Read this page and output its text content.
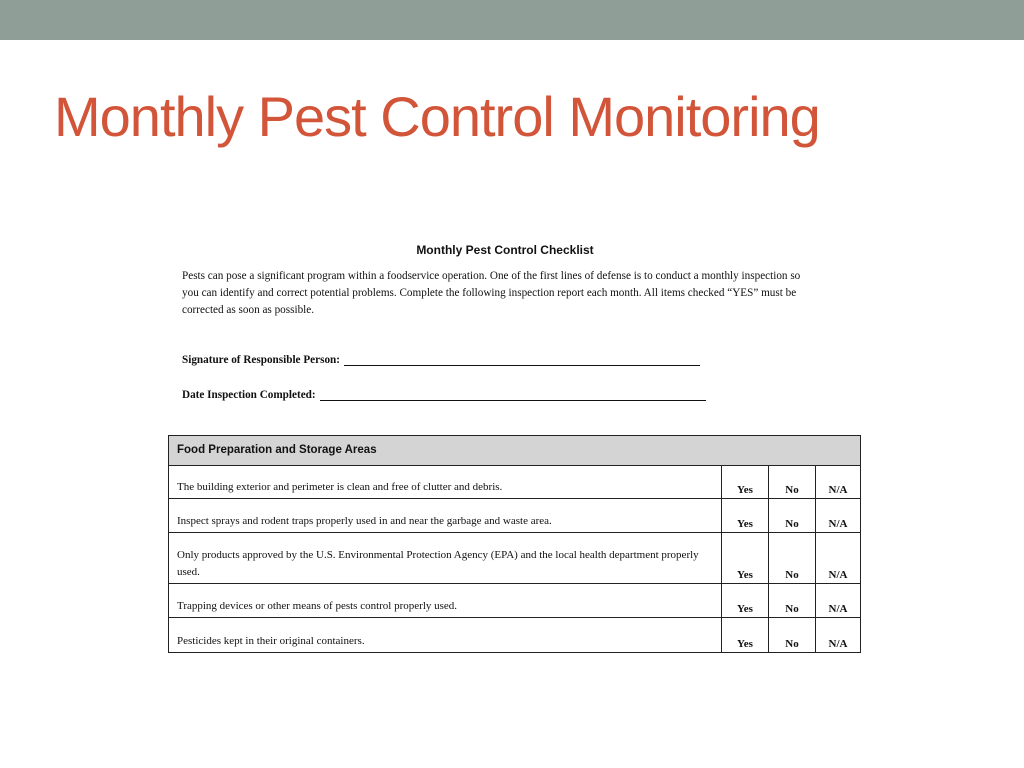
Monthly Pest Control Monitoring
Monthly Pest Control Checklist
Pests can pose a significant program within a foodservice operation. One of the first lines of defense is to conduct a monthly inspection so you can identify and correct potential problems. Complete the following inspection report each month. All items checked “YES” must be corrected as soon as possible.
Signature of Responsible Person:
Date Inspection Completed:
Food Preparation and Storage Areas			
The building exterior and perimeter is clean and free of clutter and debris.	Yes	No	N/A
Inspect sprays and rodent traps properly used in and near the garbage and waste area.	Yes	No	N/A
Only products approved by the U.S. Environmental Protection Agency (EPA) and the local health department properly used.	Yes	No	N/A
Trapping devices or other means of pests control properly used.	Yes	No	N/A
Pesticides kept in their original containers.	Yes	No	N/A
